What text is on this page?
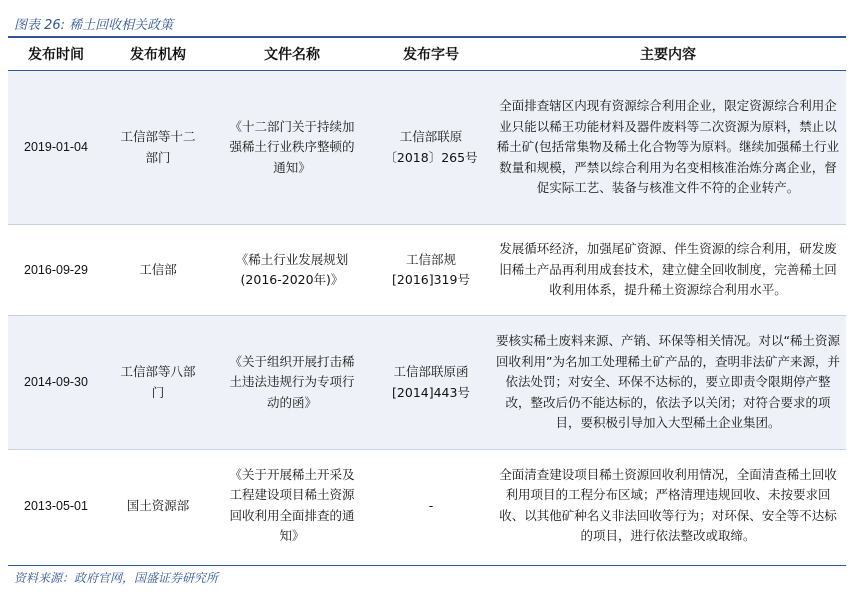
图表 26: 稀土回收相关政策
发布时间	发布机构	文件名称	发布字号	主要内容
2019-01-04	工信部等十二部门	《十二部门关于持续加强稀土行业秩序整顿的通知》	工信部联原〔2018〕265号	全面排查辖区内现有资源综合利用企业，限定资源综合利用企业只能以稀王功能材料及器件废料等二次资源为原料，禁止以稀土矿(包括常集物及稀土化合物等为原料。继续加强稀土行业数量和规模，严禁以综合利用为名变相核准治炼分离企业，督促实际工艺、装备与核准文件不符的企业转产。
2016-09-29	工信部	《稀土行业发展规划(2016-2020年)》	工信部规[2016]319号	发展循环经济，加强尾矿资源、伴生资源的综合利用，研发废旧稀土产品再利用成套技术，建立健全回收制度，完善稀土回收利用体系，提升稀土资源综合利用水平。
2014-09-30	工信部等八部门	《关于组织开展打击稀土违法违规行为专项行动的函》	工信部联原函[2014]443号	要核实稀土废料来源、产销、环保等相关情况。对以“稀土资源回收利用”为名加工处理稀土矿产品的，查明非法矿产来源，并依法处罚；对安全、环保不达标的，要立即责令限期停产整改，整改后仍不能达标的，依法予以关闭；对符合要求的项目，要积极引导加入大型稀土企业集团。
2013-05-01	国土资源部	《关于开展稀土开采及工程建设项目稀土资源回收利用全面排查的通知》	-	全面清查建设项目稀土资源回收利用情况，全面清查稀土回收利用项目的工程分布区域；严格清理违规回收、未按要求回收、以其他矿种名义非法回收等行为；对环保、安全等不达标的项目，进行依法整改或取缔。
资料来源：政府官网，国盛证券研究所
